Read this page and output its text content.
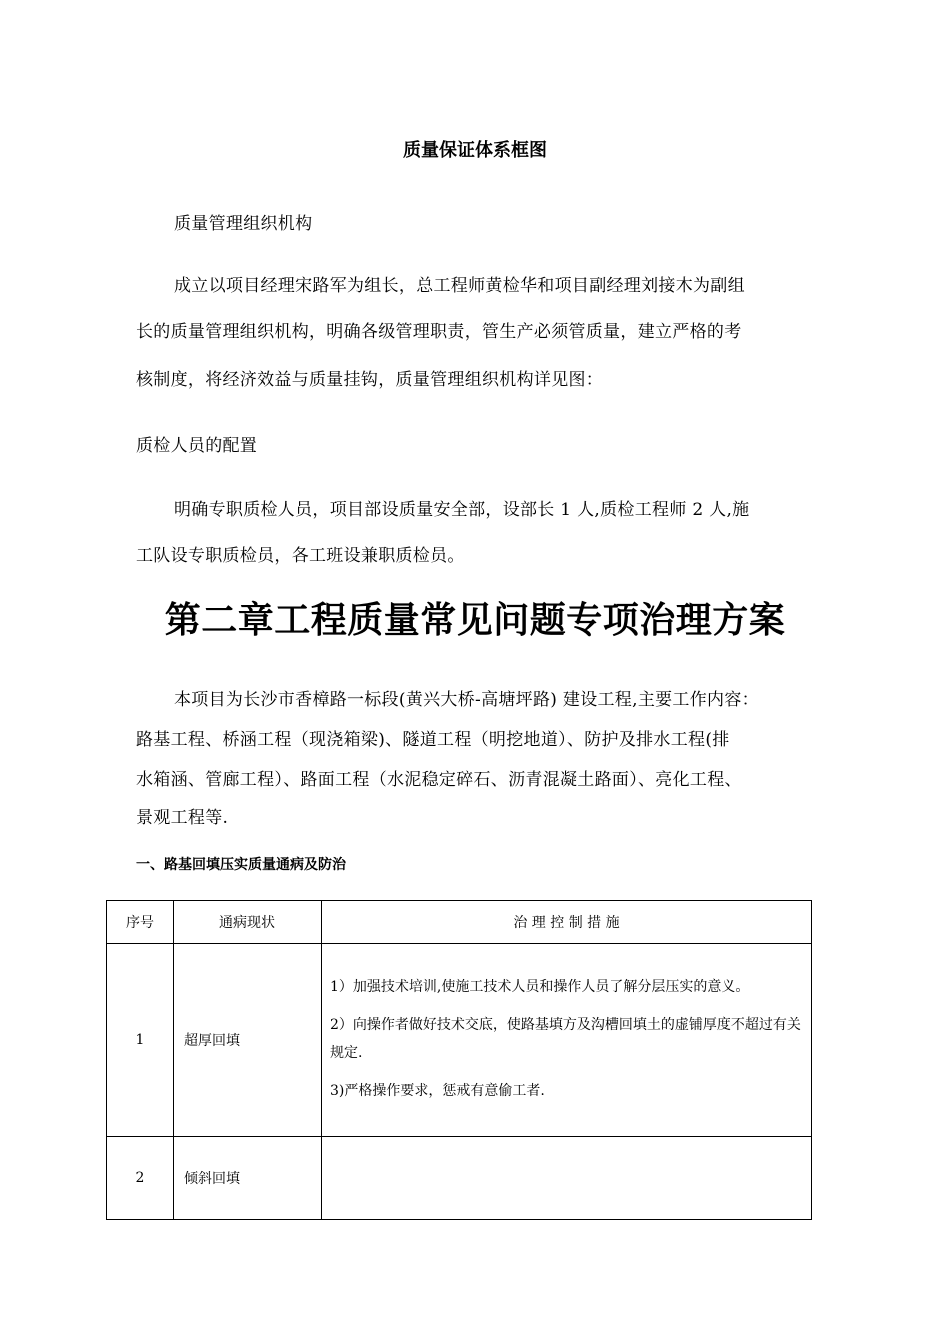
质量保证体系框图
质量管理组织机构
成立以项目经理宋路军为组长，总工程师黄检华和项目副经理刘接木为副组
长的质量管理组织机构，明确各级管理职责，管生产必须管质量，建立严格的考
核制度，将经济效益与质量挂钩，质量管理组织机构详见图：
质检人员的配置
明确专职质检人员，项目部设质量安全部，设部长 1 人,质检工程师 2 人,施
工队设专职质检员，各工班设兼职质检员。
第二章工程质量常见问题专项治理方案
本项目为长沙市香樟路一标段(黄兴大桥-高塘坪路) 建设工程,主要工作内容：
路基工程、桥涵工程（现浇箱梁)、隧道工程（明挖地道）、防护及排水工程(排
水箱涵、管廊工程）、路面工程（水泥稳定碎石、沥青混凝土路面）、亮化工程、
景观工程等.
一、路基回填压实质量通病及防治
序号	通病现状	治 理 控 制 措 施
1	超厚回填	1）加强技术培训,使施工技术人员和操作人员了解分层压实的意义。

2）向操作者做好技术交底，使路基填方及沟槽回填土的虚铺厚度不超过有关规定.

3)严格操作要求，惩戒有意偷工者.

2	倾斜回填	
